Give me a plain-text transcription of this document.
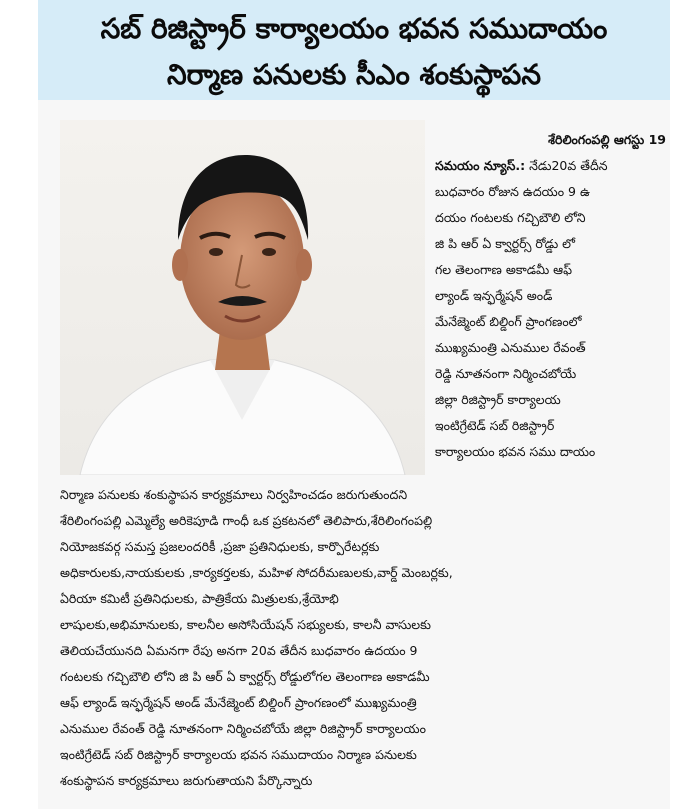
సబ్ రిజిస్ట్రార్ కార్యాలయం భవన సముదాయం
నిర్మాణ పనులకు సీఎం శంకుస్థాపన
శేరిలింగంపల్లి ఆగస్టు 19
సమయం న్యూస్.: నేడు20వ తేదీన
బుధవారం రోజున ఉదయం 9 ఉ
దయం గంటలకు గచ్చిబౌలి లోని
జి పి ఆర్ ఏ క్వార్టర్స్ రోడ్డు లో
గల తెలంగాణ అకాడమీ ఆఫ్
ల్యాండ్ ఇన్ఫర్మేషన్ అండ్
మేనేజ్మెంట్ బిల్డింగ్ ప్రాంగణంలో
ముఖ్యమంత్రి ఎనుముల రేవంత్
రెడ్డి నూతనంగా నిర్మించబోయే
జిల్లా రిజిస్ట్రార్ కార్యాలయ
ఇంటిగ్రేటెడ్ సబ్ రిజిస్ట్రార్
కార్యాలయం భవన సము దాయం
నిర్మాణ పనులకు శంకుస్థాపన కార్యక్రమాలు నిర్వహించడం జరుగుతుందని
శేరిలింగంపల్లి ఎమ్మెల్యే అరికెపూడి గాంధీ ఒక ప్రకటనలో తెలిపారు,శేరిలింగంపల్లి
నియోజకవర్గ సమస్త ప్రజలందరికీ ,ప్రజా ప్రతినిధులకు, కార్పొరేటర్లకు
అధికారులకు,నాయకులకు ,కార్యకర్తలకు, మహిళ సోదరీమణులకు,వార్డ్ మెంబర్లకు,
ఏరియా కమిటీ ప్రతినిధులకు, పాత్రికేయ మిత్రులకు,శ్రేయోభి
లాషులకు,అభిమానులకు, కాలనీల అసోసియేషన్ సభ్యులకు, కాలనీ వాసులకు
తెలియచేయునది ఏమనగా రేపు అనగా 20వ తేదీన బుధవారం ఉదయం 9
గంటలకు గచ్చిబౌలి లోని జి పి ఆర్ ఏ క్వార్టర్స్ రోడ్డులోగల తెలంగాణ అకాడమీ
ఆఫ్ ల్యాండ్ ఇన్ఫర్మేషన్ అండ్ మేనేజ్మెంట్ బిల్డింగ్ ప్రాంగణంలో ముఖ్యమంత్రి
ఎనుముల రేవంత్ రెడ్డి నూతనంగా నిర్మించబోయే జిల్లా రిజిస్ట్రార్ కార్యాలయం
ఇంటిగ్రేటెడ్ సబ్ రిజిస్ట్రార్ కార్యాలయ భవన సముదాయం నిర్మాణ పనులకు
శంకుస్థాపన కార్యక్రమాలు జరుగుతాయని పేర్కొన్నారు
